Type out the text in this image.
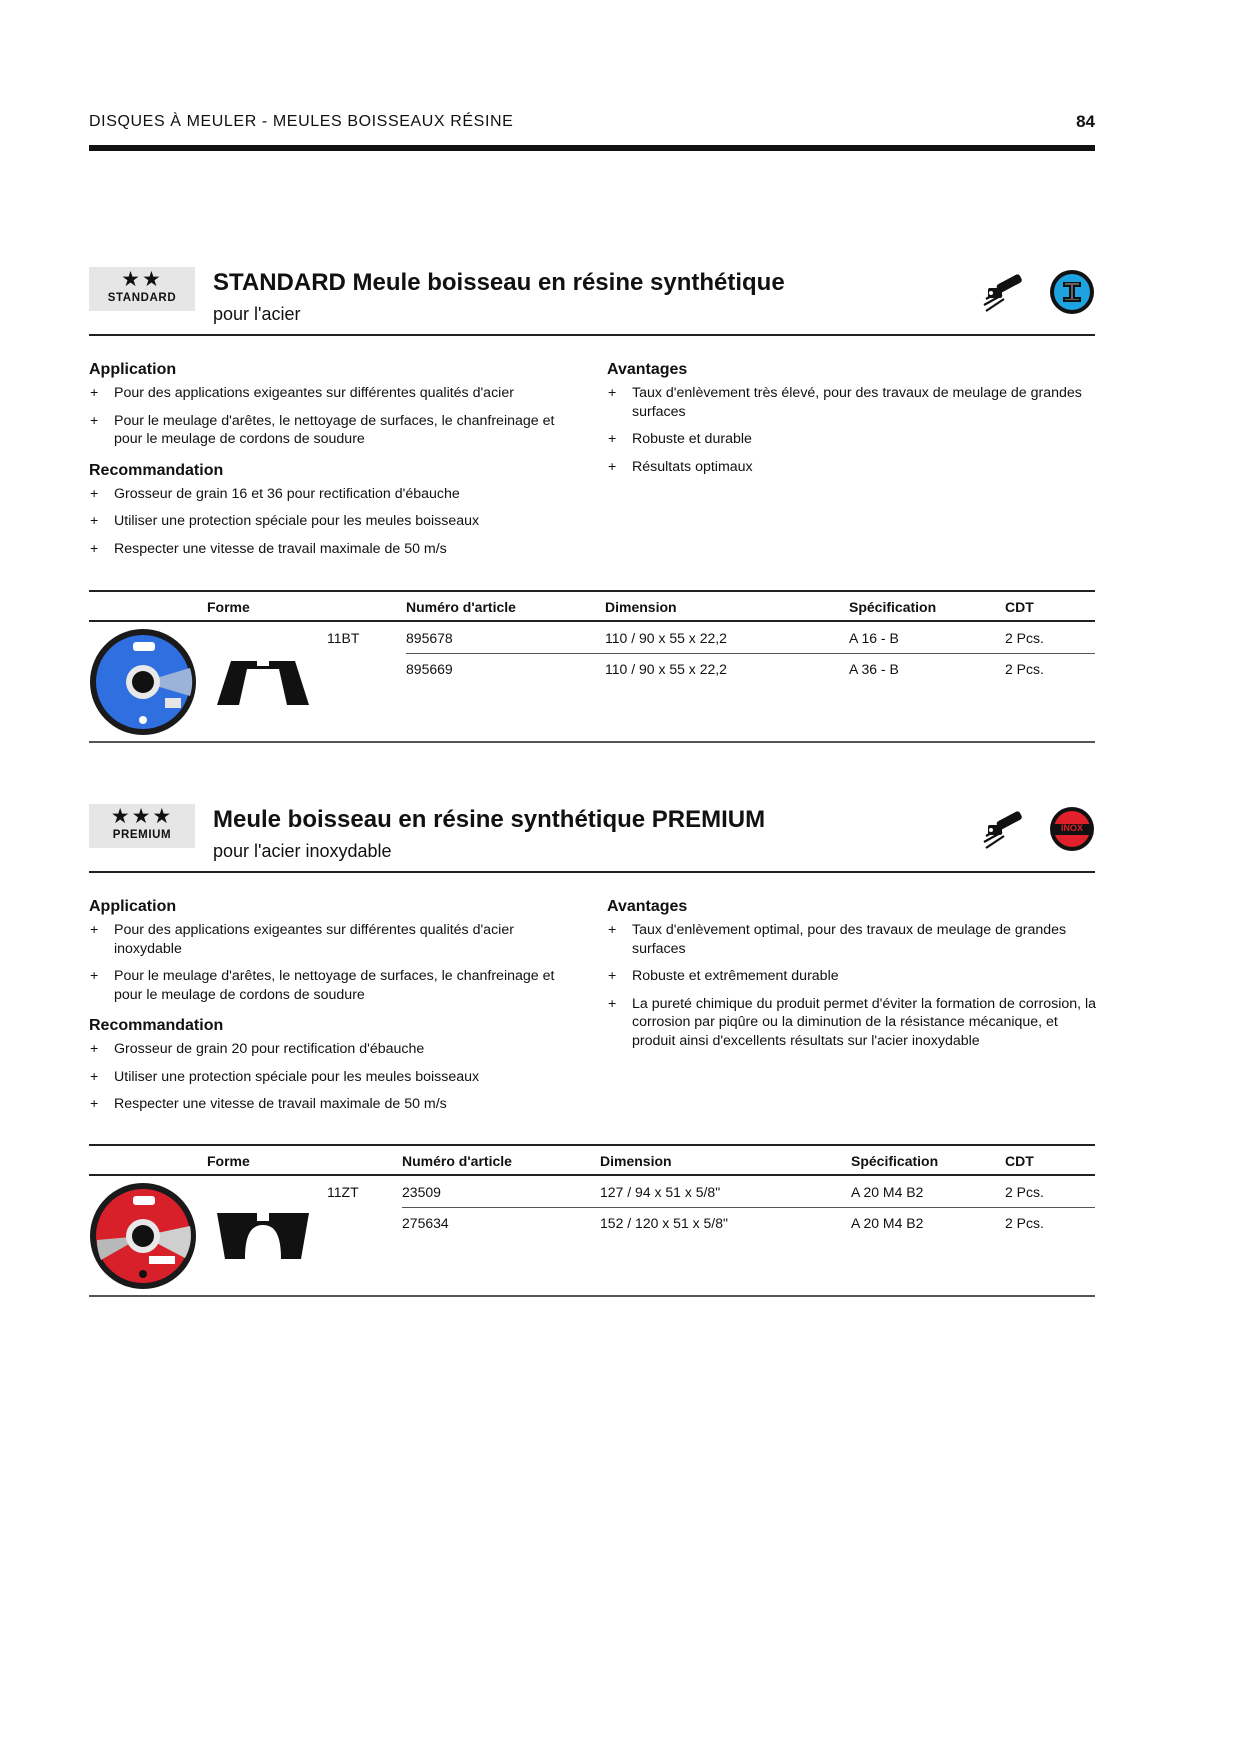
DISQUES À MEULER - MEULES BOISSEAUX RÉSINE	84
★★
STANDARD
STANDARD Meule boisseau en résine synthétique
pour l'acier
Application
+ Pour des applications exigeantes sur différentes qualités d'acier
+ Pour le meulage d'arêtes, le nettoyage de surfaces, le chanfreinage et pour le meulage de cordons de soudure
Recommandation
+ Grosseur de grain 16 et 36 pour rectification d'ébauche
+ Utiliser une protection spéciale pour les meules boisseaux
+ Respecter une vitesse de travail maximale de 50 m/s
Avantages
+ Taux d'enlèvement très élevé, pour des travaux de meulage de grandes surfaces
+ Robuste et durable
+ Résultats optimaux
Forme	Numéro d'article	Dimension	Spécification	CDT
11BT	895678	110 / 90 x 55 x 22,2	A 16 - B	2 Pcs.
895669	110 / 90 x 55 x 22,2	A 36 - B	2 Pcs.
★★★
PREMIUM
Meule boisseau en résine synthétique PREMIUM
pour l'acier inoxydable
INOX
Application
+ Pour des applications exigeantes sur différentes qualités d'acier inoxydable
+ Pour le meulage d'arêtes, le nettoyage de surfaces, le chanfreinage et pour le meulage de cordons de soudure
Recommandation
+ Grosseur de grain 20 pour rectification d'ébauche
+ Utiliser une protection spéciale pour les meules boisseaux
+ Respecter une vitesse de travail maximale de 50 m/s
Avantages
+ Taux d'enlèvement optimal, pour des travaux de meulage de grandes surfaces
+ Robuste et extrêmement durable
+ La pureté chimique du produit permet d'éviter la formation de corrosion, la corrosion par piqûre ou la diminution de la résistance mécanique, et produit ainsi d'excellents résultats sur l'acier inoxydable
Forme	Numéro d'article	Dimension	Spécification	CDT
11ZT	23509	127 / 94 x 51 x 5/8"	A 20 M4 B2	2 Pcs.
275634	152 / 120 x 51 x 5/8"	A 20 M4 B2	2 Pcs.
